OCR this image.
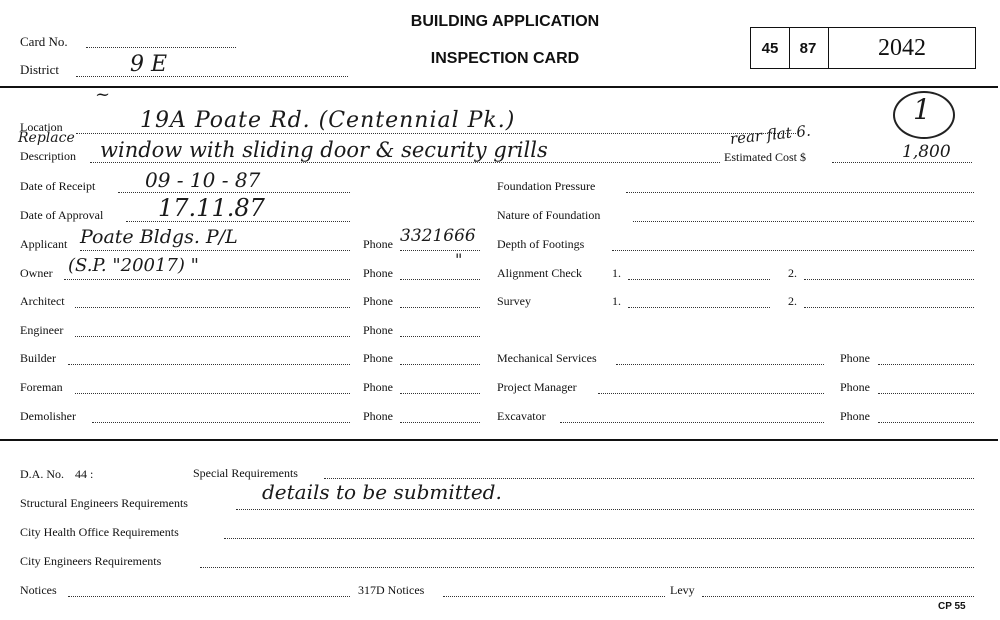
Card No.
District	9 E
BUILDING APPLICATION
INSPECTION CARD
45	87	2042
1
Location
~
19A Poate Rd. (Centennial Pk.)
Replace
Description window with sliding door & security grills
rear flat 6.
Estimated Cost $	1,800
Date of Receipt 09 - 10 - 87
Date of Approval 17.11.87
Applicant Poate Bldgs. P/L	Phone 3321666
Owner (S.P. "20017) "	Phone
"
Architect	Phone
Engineer	Phone
Builder	Phone
Foreman	Phone
Demolisher	Phone
Foundation Pressure
Nature of Foundation
Depth of Footings
Alignment Check	1.	2.
Survey	1.	2.
Mechanical Services	Phone
Project Manager	Phone
Excavator	Phone
D.A. No. 44 :	Special Requirements
Structural Engineers Requirements	details to be submitted.
City Health Office Requirements
City Engineers Requirements
Notices	317D Notices	Levy
CP 55
